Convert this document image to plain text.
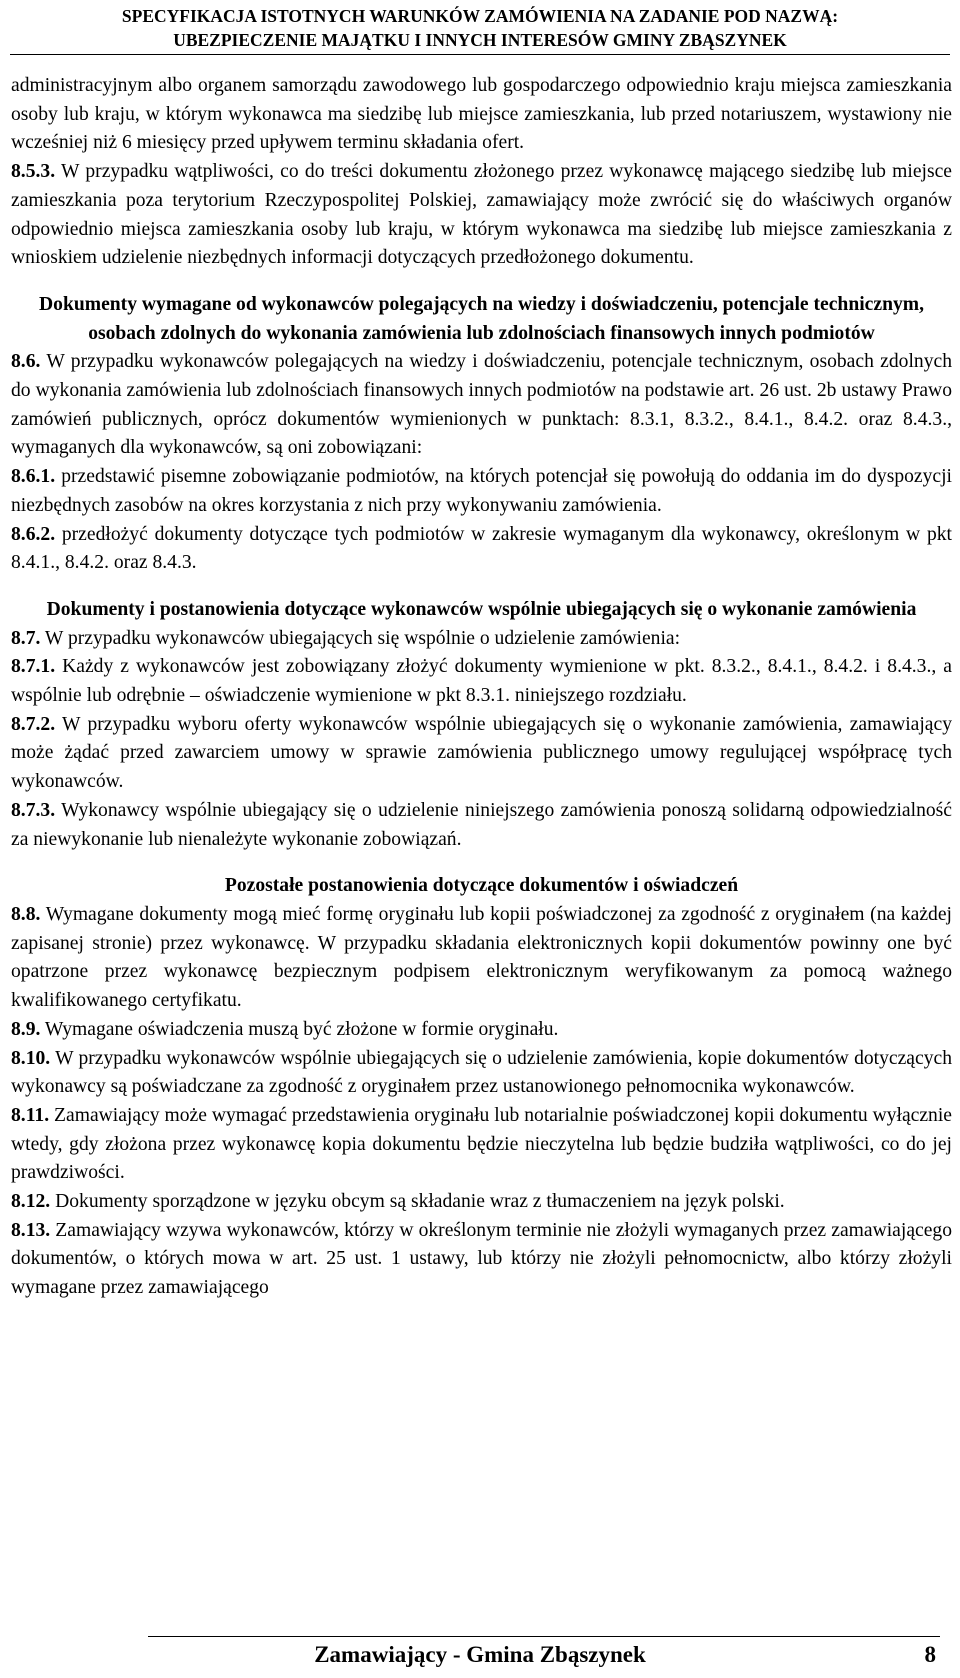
SPECYFIKACJA ISTOTNYCH WARUNKÓW ZAMÓWIENIA NA ZADANIE POD NAZWĄ:
UBEZPIECZENIE MAJĄTKU I INNYCH INTERESÓW GMINY ZBĄSZYNEK

administracyjnym albo organem samorządu zawodowego lub gospodarczego odpowiednio kraju miejsca zamieszkania osoby lub kraju, w którym wykonawca ma siedzibę lub miejsce zamieszkania, lub przed notariuszem, wystawiony nie wcześniej niż 6 miesięcy przed upływem terminu składania ofert.

8.5.3. W przypadku wątpliwości, co do treści dokumentu złożonego przez wykonawcę mającego siedzibę lub miejsce zamieszkania poza terytorium Rzeczypospolitej Polskiej, zamawiający może zwrócić się do właściwych organów odpowiednio miejsca zamieszkania osoby lub kraju, w którym wykonawca ma siedzibę lub miejsce zamieszkania z wnioskiem udzielenie niezbędnych informacji dotyczących przedłożonego dokumentu.

Dokumenty wymagane od wykonawców polegających na wiedzy i doświadczeniu, potencjale technicznym, osobach zdolnych do wykonania zamówienia lub zdolnościach finansowych innych podmiotów

8.6. W przypadku wykonawców polegających na wiedzy i doświadczeniu, potencjale technicznym, osobach zdolnych do wykonania zamówienia lub zdolnościach finansowych innych podmiotów na podstawie art. 26 ust. 2b ustawy Prawo zamówień publicznych, oprócz dokumentów wymienionych w punktach: 8.3.1, 8.3.2., 8.4.1., 8.4.2. oraz 8.4.3., wymaganych dla wykonawców, są oni zobowiązani:

8.6.1. przedstawić pisemne zobowiązanie podmiotów, na których potencjał się powołują do oddania im do dyspozycji niezbędnych zasobów na okres korzystania z nich przy wykonywaniu zamówienia.

8.6.2. przedłożyć dokumenty dotyczące tych podmiotów w zakresie wymaganym dla wykonawcy, określonym w pkt 8.4.1., 8.4.2. oraz 8.4.3.

Dokumenty i postanowienia dotyczące wykonawców wspólnie ubiegających się o wykonanie zamówienia

8.7. W przypadku wykonawców ubiegających się wspólnie o udzielenie zamówienia:

8.7.1. Każdy z wykonawców jest zobowiązany złożyć dokumenty wymienione w pkt. 8.3.2., 8.4.1., 8.4.2. i 8.4.3., a wspólnie lub odrębnie – oświadczenie wymienione w pkt 8.3.1. niniejszego rozdziału.

8.7.2. W przypadku wyboru oferty wykonawców wspólnie ubiegających się o wykonanie zamówienia, zamawiający może żądać przed zawarciem umowy w sprawie zamówienia publicznego umowy regulującej współpracę tych wykonawców.

8.7.3. Wykonawcy wspólnie ubiegający się o udzielenie niniejszego zamówienia ponoszą solidarną odpowiedzialność za niewykonanie lub nienależyte wykonanie zobowiązań.

Pozostałe postanowienia dotyczące dokumentów i oświadczeń

8.8. Wymagane dokumenty mogą mieć formę oryginału lub kopii poświadczonej za zgodność z oryginałem (na każdej zapisanej stronie) przez wykonawcę. W przypadku składania elektronicznych kopii dokumentów powinny one być opatrzone przez wykonawcę bezpiecznym podpisem elektronicznym weryfikowanym za pomocą ważnego kwalifikowanego certyfikatu.

8.9. Wymagane oświadczenia muszą być złożone w formie oryginału.

8.10. W przypadku wykonawców wspólnie ubiegających się o udzielenie zamówienia, kopie dokumentów dotyczących wykonawcy są poświadczane za zgodność z oryginałem przez ustanowionego pełnomocnika wykonawców.

8.11. Zamawiający może wymagać przedstawienia oryginału lub notarialnie poświadczonej kopii dokumentu wyłącznie wtedy, gdy złożona przez wykonawcę kopia dokumentu będzie nieczytelna lub będzie budziła wątpliwości, co do jej prawdziwości.

8.12. Dokumenty sporządzone w języku obcym są składanie wraz z tłumaczeniem na język polski.

8.13. Zamawiający wzywa wykonawców, którzy w określonym terminie nie złożyli wymaganych przez zamawiającego dokumentów, o których mowa w art. 25 ust. 1 ustawy, lub którzy nie złożyli pełnomocnictw, albo którzy złożyli wymagane przez zamawiającego

Zamawiający - Gmina Zbąszynek	8
